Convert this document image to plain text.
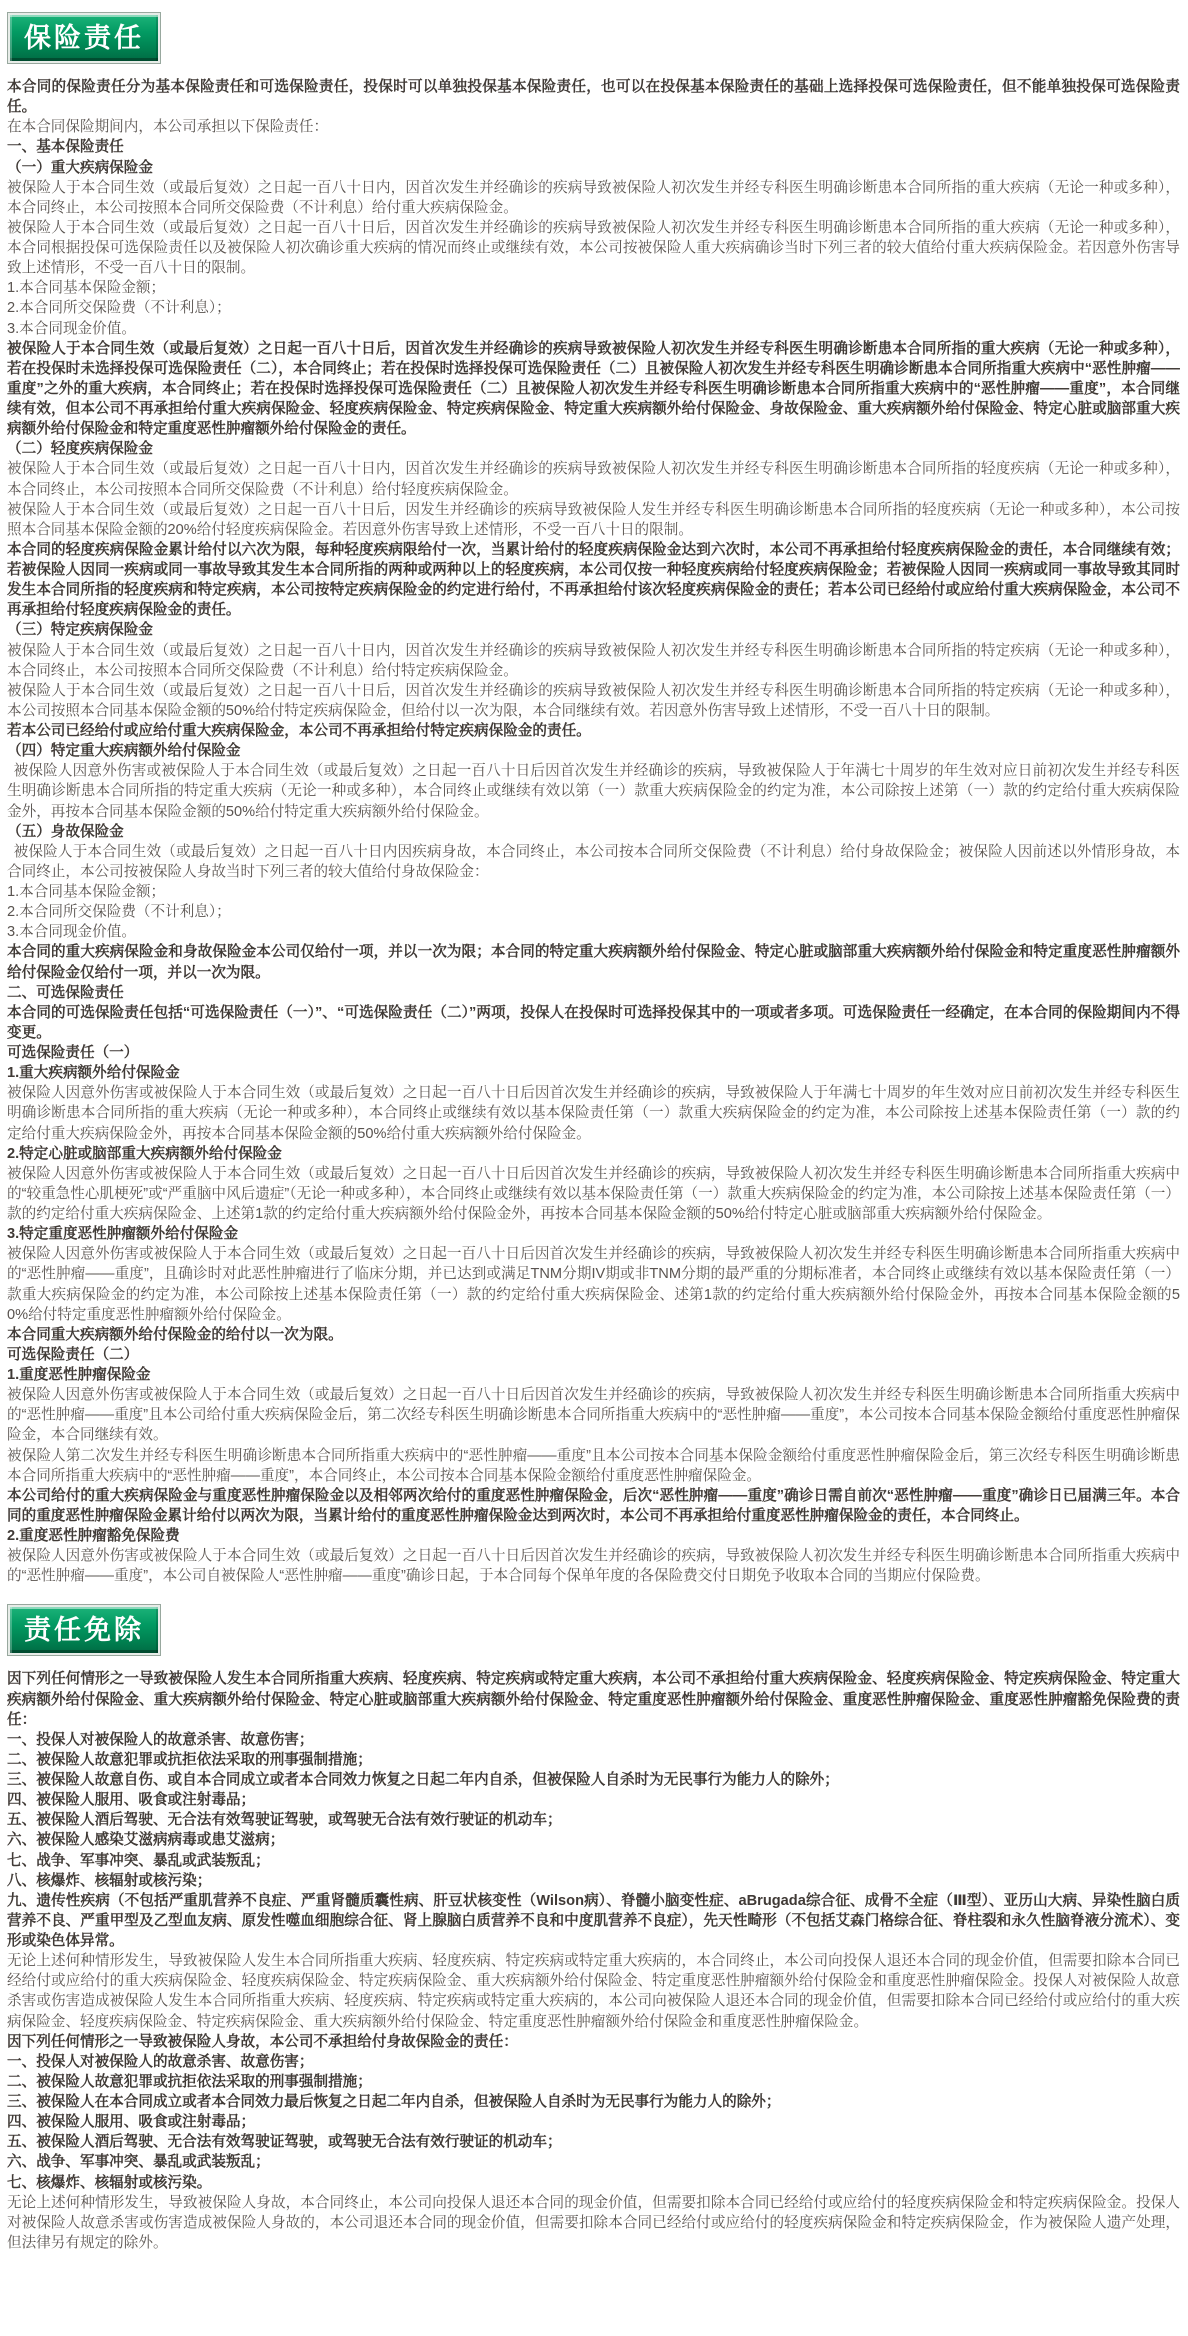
保险责任

本合同的保险责任分为基本保险责任和可选保险责任，投保时可以单独投保基本保险责任，也可以在投保基本保险责任的基础上选择投保可选保险责任，但不能单独投保可选保险责任。

在本合同保险期间内，本公司承担以下保险责任：

一、基本保险责任

（一）重大疾病保险金

被保险人于本合同生效（或最后复效）之日起一百八十日内，因首次发生并经确诊的疾病导致被保险人初次发生并经专科医生明确诊断患本合同所指的重大疾病（无论一种或多种），本合同终止，本公司按照本合同所交保险费（不计利息）给付重大疾病保险金。

被保险人于本合同生效（或最后复效）之日起一百八十日后，因首次发生并经确诊的疾病导致被保险人初次发生并经专科医生明确诊断患本合同所指的重大疾病（无论一种或多种），本合同根据投保可选保险责任以及被保险人初次确诊重大疾病的情况而终止或继续有效，本公司按被保险人重大疾病确诊当时下列三者的较大值给付重大疾病保险金。若因意外伤害导致上述情形，不受一百八十日的限制。

1.本合同基本保险金额；

2.本合同所交保险费（不计利息）；

3.本合同现金价值。

被保险人于本合同生效（或最后复效）之日起一百八十日后，因首次发生并经确诊的疾病导致被保险人初次发生并经专科医生明确诊断患本合同所指的重大疾病（无论一种或多种），若在投保时未选择投保可选保险责任（二），本合同终止；若在投保时选择投保可选保险责任（二）且被保险人初次发生并经专科医生明确诊断患本合同所指重大疾病中“恶性肿瘤——重度”之外的重大疾病，本合同终止；若在投保时选择投保可选保险责任（二）且被保险人初次发生并经专科医生明确诊断患本合同所指重大疾病中的“恶性肿瘤——重度”，本合同继续有效，但本公司不再承担给付重大疾病保险金、轻度疾病保险金、特定疾病保险金、特定重大疾病额外给付保险金、身故保险金、重大疾病额外给付保险金、特定心脏或脑部重大疾病额外给付保险金和特定重度恶性肿瘤额外给付保险金的责任。

（二）轻度疾病保险金

被保险人于本合同生效（或最后复效）之日起一百八十日内，因首次发生并经确诊的疾病导致被保险人初次发生并经专科医生明确诊断患本合同所指的轻度疾病（无论一种或多种），本合同终止，本公司按照本合同所交保险费（不计利息）给付轻度疾病保险金。

被保险人于本合同生效（或最后复效）之日起一百八十日后，因发生并经确诊的疾病导致被保险人发生并经专科医生明确诊断患本合同所指的轻度疾病（无论一种或多种），本公司按照本合同基本保险金额的20%给付轻度疾病保险金。若因意外伤害导致上述情形，不受一百八十日的限制。

本合同的轻度疾病保险金累计给付以六次为限，每种轻度疾病限给付一次，当累计给付的轻度疾病保险金达到六次时，本公司不再承担给付轻度疾病保险金的责任，本合同继续有效；若被保险人因同一疾病或同一事故导致其发生本合同所指的两种或两种以上的轻度疾病，本公司仅按一种轻度疾病给付轻度疾病保险金；若被保险人因同一疾病或同一事故导致其同时发生本合同所指的轻度疾病和特定疾病，本公司按特定疾病保险金的约定进行给付，不再承担给付该次轻度疾病保险金的责任；若本公司已经给付或应给付重大疾病保险金，本公司不再承担给付轻度疾病保险金的责任。

（三）特定疾病保险金

被保险人于本合同生效（或最后复效）之日起一百八十日内，因首次发生并经确诊的疾病导致被保险人初次发生并经专科医生明确诊断患本合同所指的特定疾病（无论一种或多种），本合同终止，本公司按照本合同所交保险费（不计利息）给付特定疾病保险金。

被保险人于本合同生效（或最后复效）之日起一百八十日后，因首次发生并经确诊的疾病导致被保险人初次发生并经专科医生明确诊断患本合同所指的特定疾病（无论一种或多种），本公司按照本合同基本保险金额的50%给付特定疾病保险金，但给付以一次为限，本合同继续有效。若因意外伤害导致上述情形，不受一百八十日的限制。

若本公司已经给付或应给付重大疾病保险金，本公司不再承担给付特定疾病保险金的责任。

（四）特定重大疾病额外给付保险金

被保险人因意外伤害或被保险人于本合同生效（或最后复效）之日起一百八十日后因首次发生并经确诊的疾病，导致被保险人于年满七十周岁的年生效对应日前初次发生并经专科医生明确诊断患本合同所指的特定重大疾病（无论一种或多种），本合同终止或继续有效以第（一）款重大疾病保险金的约定为准，本公司除按上述第（一）款的约定给付重大疾病保险金外，再按本合同基本保险金额的50%给付特定重大疾病额外给付保险金。

（五）身故保险金

被保险人于本合同生效（或最后复效）之日起一百八十日内因疾病身故，本合同终止，本公司按本合同所交保险费（不计利息）给付身故保险金；被保险人因前述以外情形身故，本合同终止，本公司按被保险人身故当时下列三者的较大值给付身故保险金：

1.本合同基本保险金额；

2.本合同所交保险费（不计利息）；

3.本合同现金价值。

本合同的重大疾病保险金和身故保险金本公司仅给付一项，并以一次为限；本合同的特定重大疾病额外给付保险金、特定心脏或脑部重大疾病额外给付保险金和特定重度恶性肿瘤额外给付保险金仅给付一项，并以一次为限。

二、可选保险责任

本合同的可选保险责任包括“可选保险责任（一）”、“可选保险责任（二）”两项，投保人在投保时可选择投保其中的一项或者多项。可选保险责任一经确定，在本合同的保险期间内不得变更。

可选保险责任（一）

1.重大疾病额外给付保险金

被保险人因意外伤害或被保险人于本合同生效（或最后复效）之日起一百八十日后因首次发生并经确诊的疾病，导致被保险人于年满七十周岁的年生效对应日前初次发生并经专科医生明确诊断患本合同所指的重大疾病（无论一种或多种），本合同终止或继续有效以基本保险责任第（一）款重大疾病保险金的约定为准，本公司除按上述基本保险责任第（一）款的约定给付重大疾病保险金外，再按本合同基本保险金额的50%给付重大疾病额外给付保险金。

2.特定心脏或脑部重大疾病额外给付保险金

被保险人因意外伤害或被保险人于本合同生效（或最后复效）之日起一百八十日后因首次发生并经确诊的疾病，导致被保险人初次发生并经专科医生明确诊断患本合同所指重大疾病中的“较重急性心肌梗死”或“严重脑中风后遗症”（无论一种或多种），本合同终止或继续有效以基本保险责任第（一）款重大疾病保险金的约定为准，本公司除按上述基本保险责任第（一）款的约定给付重大疾病保险金、上述第1款的约定给付重大疾病额外给付保险金外，再按本合同基本保险金额的50%给付特定心脏或脑部重大疾病额外给付保险金。

3.特定重度恶性肿瘤额外给付保险金

被保险人因意外伤害或被保险人于本合同生效（或最后复效）之日起一百八十日后因首次发生并经确诊的疾病，导致被保险人初次发生并经专科医生明确诊断患本合同所指重大疾病中的“恶性肿瘤——重度”，且确诊时对此恶性肿瘤进行了临床分期，并已达到或满足TNM分期IV期或非TNM分期的最严重的分期标准者，本合同终止或继续有效以基本保险责任第（一）款重大疾病保险金的约定为准，本公司除按上述基本保险责任第（一）款的约定给付重大疾病保险金、述第1款的约定给付重大疾病额外给付保险金外，再按本合同基本保险金额的50%给付特定重度恶性肿瘤额外给付保险金。

本合同重大疾病额外给付保险金的给付以一次为限。

可选保险责任（二）

1.重度恶性肿瘤保险金

被保险人因意外伤害或被保险人于本合同生效（或最后复效）之日起一百八十日后因首次发生并经确诊的疾病，导致被保险人初次发生并经专科医生明确诊断患本合同所指重大疾病中的“恶性肿瘤——重度”且本公司给付重大疾病保险金后，第二次经专科医生明确诊断患本合同所指重大疾病中的“恶性肿瘤——重度”，本公司按本合同基本保险金额给付重度恶性肿瘤保险金，本合同继续有效。

被保险人第二次发生并经专科医生明确诊断患本合同所指重大疾病中的“恶性肿瘤——重度”且本公司按本合同基本保险金额给付重度恶性肿瘤保险金后，第三次经专科医生明确诊断患本合同所指重大疾病中的“恶性肿瘤——重度”，本合同终止，本公司按本合同基本保险金额给付重度恶性肿瘤保险金。

本公司给付的重大疾病保险金与重度恶性肿瘤保险金以及相邻两次给付的重度恶性肿瘤保险金，后次“恶性肿瘤——重度”确诊日需自前次“恶性肿瘤——重度”确诊日已届满三年。本合同的重度恶性肿瘤保险金累计给付以两次为限，当累计给付的重度恶性肿瘤保险金达到两次时，本公司不再承担给付重度恶性肿瘤保险金的责任，本合同终止。

2.重度恶性肿瘤豁免保险费

被保险人因意外伤害或被保险人于本合同生效（或最后复效）之日起一百八十日后因首次发生并经确诊的疾病，导致被保险人初次发生并经专科医生明确诊断患本合同所指重大疾病中的“恶性肿瘤——重度”，本公司自被保险人“恶性肿瘤——重度”确诊日起，于本合同每个保单年度的各保险费交付日期免予收取本合同的当期应付保险费。

责任免除

因下列任何情形之一导致被保险人发生本合同所指重大疾病、轻度疾病、特定疾病或特定重大疾病，本公司不承担给付重大疾病保险金、轻度疾病保险金、特定疾病保险金、特定重大疾病额外给付保险金、重大疾病额外给付保险金、特定心脏或脑部重大疾病额外给付保险金、特定重度恶性肿瘤额外给付保险金、重度恶性肿瘤保险金、重度恶性肿瘤豁免保险费的责任：

一、投保人对被保险人的故意杀害、故意伤害；

二、被保险人故意犯罪或抗拒依法采取的刑事强制措施；

三、被保险人故意自伤、或自本合同成立或者本合同效力恢复之日起二年内自杀，但被保险人自杀时为无民事行为能力人的除外；

四、被保险人服用、吸食或注射毒品；

五、被保险人酒后驾驶、无合法有效驾驶证驾驶，或驾驶无合法有效行驶证的机动车；

六、被保险人感染艾滋病病毒或患艾滋病；

七、战争、军事冲突、暴乱或武装叛乱；

八、核爆炸、核辐射或核污染；

九、遗传性疾病（不包括严重肌营养不良症、严重肾髓质囊性病、肝豆状核变性（Wilson病）、脊髓小脑变性症、aBrugada综合征、成骨不全症（Ⅲ型）、亚历山大病、异染性脑白质营养不良、严重甲型及乙型血友病、原发性噬血细胞综合征、肾上腺脑白质营养不良和中度肌营养不良症），先天性畸形（不包括艾森门格综合征、脊柱裂和永久性脑脊液分流术）、变形或染色体异常。

无论上述何种情形发生，导致被保险人发生本合同所指重大疾病、轻度疾病、特定疾病或特定重大疾病的，本合同终止，本公司向投保人退还本合同的现金价值，但需要扣除本合同已经给付或应给付的重大疾病保险金、轻度疾病保险金、特定疾病保险金、重大疾病额外给付保险金、特定重度恶性肿瘤额外给付保险金和重度恶性肿瘤保险金。投保人对被保险人故意杀害或伤害造成被保险人发生本合同所指重大疾病、轻度疾病、特定疾病或特定重大疾病的，本公司向被保险人退还本合同的现金价值，但需要扣除本合同已经给付或应给付的重大疾病保险金、轻度疾病保险金、特定疾病保险金、重大疾病额外给付保险金、特定重度恶性肿瘤额外给付保险金和重度恶性肿瘤保险金。

因下列任何情形之一导致被保险人身故，本公司不承担给付身故保险金的责任：

一、投保人对被保险人的故意杀害、故意伤害；

二、被保险人故意犯罪或抗拒依法采取的刑事强制措施；

三、被保险人在本合同成立或者本合同效力最后恢复之日起二年内自杀，但被保险人自杀时为无民事行为能力人的除外；

四、被保险人服用、吸食或注射毒品；

五、被保险人酒后驾驶、无合法有效驾驶证驾驶，或驾驶无合法有效行驶证的机动车；

六、战争、军事冲突、暴乱或武装叛乱；

七、核爆炸、核辐射或核污染。

无论上述何种情形发生，导致被保险人身故，本合同终止，本公司向投保人退还本合同的现金价值，但需要扣除本合同已经给付或应给付的轻度疾病保险金和特定疾病保险金。投保人对被保险人故意杀害或伤害造成被保险人身故的，本公司退还本合同的现金价值，但需要扣除本合同已经给付或应给付的轻度疾病保险金和特定疾病保险金，作为被保险人遗产处理，但法律另有规定的除外。
